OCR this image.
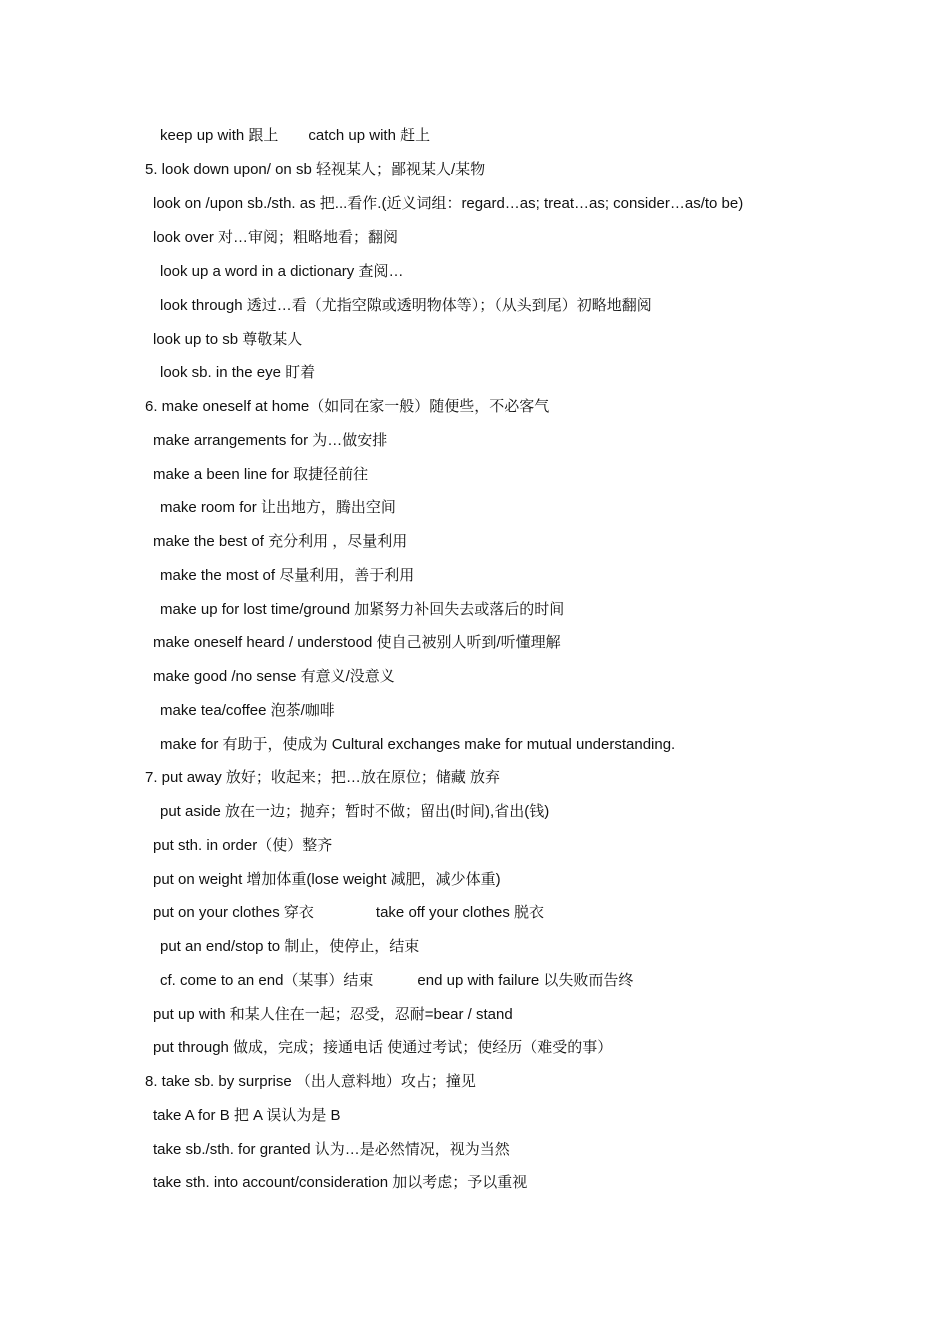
keep up with 跟上 catch up with 赶上
5. look down upon/ on sb 轻视某人；鄙视某人/某物
look on /upon sb./sth. as 把...看作.(近义词组：regard…as; treat…as; consider…as/to be)
look over 对…审阅；粗略地看；翻阅
look up a word in a dictionary 查阅…
look through 透过…看（尤指空隙或透明物体等）；（从头到尾）初略地翻阅
look up to sb 尊敬某人
look sb. in the eye 盯着
6. make oneself at home（如同在家一般）随便些，不必客气
make arrangements for 为…做安排
make a been line for 取捷径前往
make room for 让出地方，腾出空间
make the best of 充分利用 ，尽量利用
make the most of 尽量利用，善于利用
make up for lost time/ground 加紧努力补回失去或落后的时间
make oneself heard / understood 使自己被别人听到/听懂理解
make good /no sense 有意义/没意义
make tea/coffee 泡茶/咖啡
make for 有助于，使成为 Cultural exchanges make for mutual understanding.
7. put away 放好；收起来；把…放在原位；储藏 放弃
put aside 放在一边；抛弃；暂时不做；留出(时间),省出(钱)
put sth. in order（使）整齐
put on weight 增加体重(lose weight 减肥，减少体重)
put on your clothes 穿衣	take off your clothes 脱衣
put an end/stop to 制止，使停止，结束
cf. come to an end（某事）结束	end up with failure 以失败而告终
put up with 和某人住在一起；忍受，忍耐=bear / stand
put through 做成，完成；接通电话 使通过考试；使经历（难受的事）
8. take sb. by surprise （出人意料地）攻占；撞见
take A for B 把 A 误认为是 B
take sb./sth. for granted 认为…是必然情况，视为当然
take sth. into account/consideration 加以考虑；予以重视
